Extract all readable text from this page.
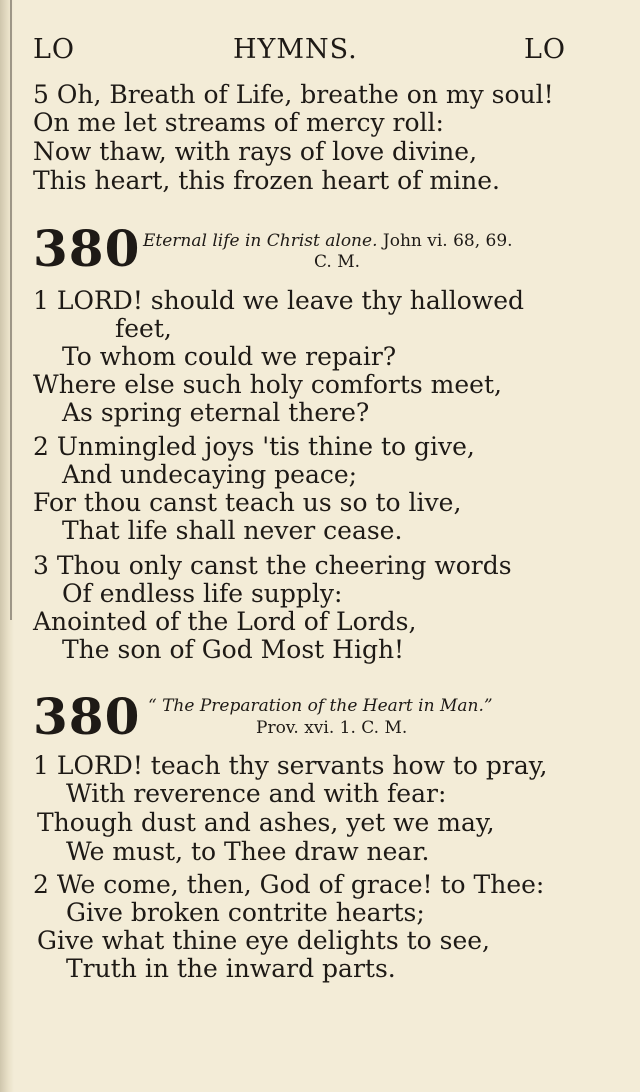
LO	HYMNS.	LO
5 Oh, Breath of Life, breathe on my soul!
On me let streams of mercy roll:
Now thaw, with rays of love divine,
This heart, this frozen heart of mine.
380 Eternal life in Christ alone. John vi. 68, 69.
C. M.
1 LORD! should we leave thy hallowed
feet,
To whom could we repair?
Where else such holy comforts meet,
As spring eternal there?
2 Unmingled joys 'tis thine to give,
And undecaying peace;
For thou canst teach us so to live,
That life shall never cease.
3 Thou only canst the cheering words
Of endless life supply:
Anointed of the Lord of Lords,
The son of God Most High!
380 “ The Preparation of the Heart in Man.”
Prov. xvi. 1. C. M.
1 LORD! teach thy servants how to pray,
With reverence and with fear:
Though dust and ashes, yet we may,
We must, to Thee draw near.
2 We come, then, God of grace! to Thee:
Give broken contrite hearts;
Give what thine eye delights to see,
Truth in the inward parts.
